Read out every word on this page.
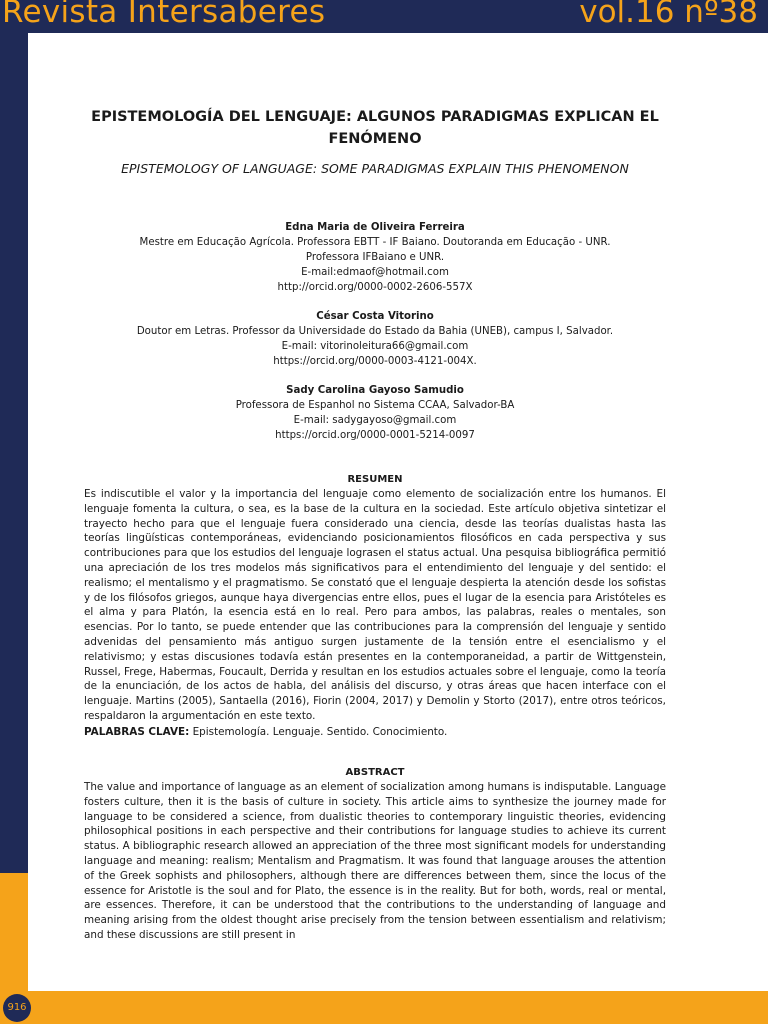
Revista Intersaberes	vol.16 nº38
916
EPISTEMOLOGÍA DEL LENGUAJE: ALGUNOS PARADIGMAS EXPLICAN EL FENÓMENO
EPISTEMOLOGY OF LANGUAGE: SOME PARADIGMAS EXPLAIN THIS PHENOMENON
Edna Maria de Oliveira Ferreira
Mestre em Educação Agrícola. Professora EBTT - IF Baiano. Doutoranda em Educação - UNR.
Professora IFBaiano e UNR.
E-mail:edmaof@hotmail.com
http://orcid.org/0000-0002-2606-557X
César Costa Vitorino
Doutor em Letras. Professor da Universidade do Estado da Bahia (UNEB), campus I, Salvador.
E-mail: vitorinoleitura66@gmail.com
https://orcid.org/0000-0003-4121-004X.
Sady Carolina Gayoso Samudio
Professora de Espanhol no Sistema CCAA, Salvador-BA
E-mail: sadygayoso@gmail.com
https://orcid.org/0000-0001-5214-0097
RESUMEN
Es indiscutible el valor y la importancia del lenguaje como elemento de socialización entre los humanos. El lenguaje fomenta la cultura, o sea, es la base de la cultura en la sociedad. Este artículo objetiva sintetizar el trayecto hecho para que el lenguaje fuera considerado una ciencia, desde las teorías dualistas hasta las teorías lingüísticas contemporáneas, evidenciando posicionamientos filosóficos en cada perspectiva y sus contribuciones para que los estudios del lenguaje lograsen el status actual. Una pesquisa bibliográfica permitió una apreciación de los tres modelos más significativos para el entendimiento del lenguaje y del sentido: el realismo; el mentalismo y el pragmatismo. Se constató que el lenguaje despierta la atención desde los sofistas y de los filósofos griegos, aunque haya divergencias entre ellos, pues el lugar de la esencia para Aristóteles es el alma y para Platón, la esencia está en lo real. Pero para ambos, las palabras, reales o mentales, son esencias. Por lo tanto, se puede entender que las contribuciones para la comprensión del lenguaje y sentido advenidas del pensamiento más antiguo surgen justamente de la tensión entre el esencialismo y el relativismo; y estas discusiones todavía están presentes en la contemporaneidad, a partir de Wittgenstein, Russel, Frege, Habermas, Foucault, Derrida y resultan en los estudios actuales sobre el lenguaje, como la teoría de la enunciación, de los actos de habla, del análisis del discurso, y otras áreas que hacen interface con el lenguaje. Martins (2005), Santaella (2016), Fiorin (2004, 2017) y Demolin y Storto (2017), entre otros teóricos, respaldaron la argumentación en este texto.
PALABRAS CLAVE: Epistemología. Lenguaje. Sentido. Conocimiento.
ABSTRACT
The value and importance of language as an element of socialization among humans is indisputable. Language fosters culture, then it is the basis of culture in society. This article aims to synthesize the journey made for language to be considered a science, from dualistic theories to contemporary linguistic theories, evidencing philosophical positions in each perspective and their contributions for language studies to achieve its current status. A bibliographic research allowed an appreciation of the three most significant models for understanding language and meaning: realism; Mentalism and Pragmatism. It was found that language arouses the attention of the Greek sophists and philosophers, although there are differences between them, since the locus of the essence for Aristotle is the soul and for Plato, the essence is in the reality. But for both, words, real or mental, are essences. Therefore, it can be understood that the contributions to the understanding of language and meaning arising from the oldest thought arise precisely from the tension between essentialism and relativism; and these discussions are still present in
